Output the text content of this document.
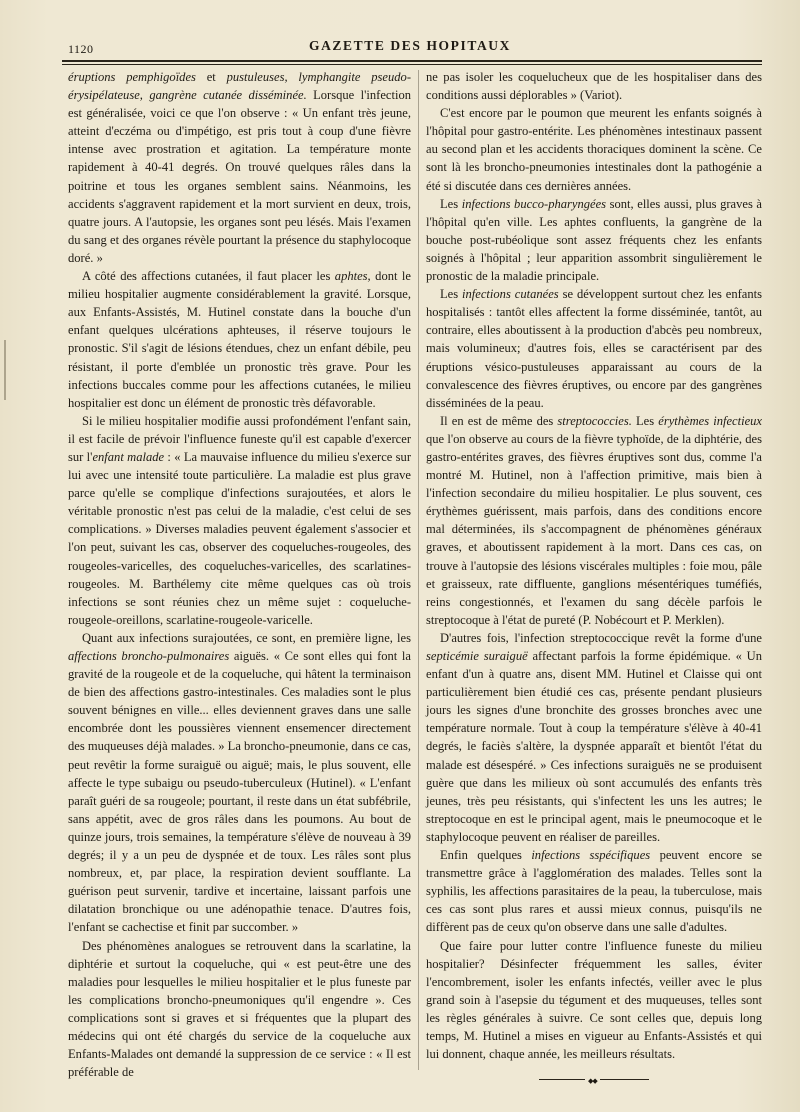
1120	GAZETTE DES HOPITAUX

éruptions pemphigoïdes et pustuleuses, lymphangite pseudo-érysipélateuse, gangrène cutanée disséminée. Lorsque l'infection est généralisée, voici ce que l'on observe : « Un enfant très jeune, atteint d'eczéma ou d'impétigo, est pris tout à coup d'une fièvre intense avec prostration et agitation. La température monte rapidement à 40-41 degrés. On trouvé quelques râles dans la poitrine et tous les organes semblent sains. Néanmoins, les accidents s'aggravent rapidement et la mort survient en deux, trois, quatre jours. A l'autopsie, les organes sont peu lésés. Mais l'examen du sang et des organes révèle pourtant la présence du staphylocoque doré. »

A côté des affections cutanées, il faut placer les aphtes, dont le milieu hospitalier augmente considérablement la gravité. Lorsque, aux Enfants-Assistés, M. Hutinel constate dans la bouche d'un enfant quelques ulcérations aphteuses, il réserve toujours le pronostic. S'il s'agit de lésions étendues, chez un enfant débile, peu résistant, il porte d'emblée un pronostic très grave. Pour les infections buccales comme pour les affections cutanées, le milieu hospitalier est donc un élément de pronostic très défavorable.

Si le milieu hospitalier modifie aussi profondément l'enfant sain, il est facile de prévoir l'influence funeste qu'il est capable d'exercer sur l'enfant malade : « La mauvaise influence du milieu s'exerce sur lui avec une intensité toute particulière. La maladie est plus grave parce qu'elle se complique d'infections surajoutées, et alors le véritable pronostic n'est pas celui de la maladie, c'est celui de ses complications. » Diverses maladies peuvent également s'associer et l'on peut, suivant les cas, observer des coqueluches-rougeoles, des rougeoles-varicelles, des coqueluches-varicelles, des scarlatines-rougeoles. M. Barthélemy cite même quelques cas où trois infections se sont réunies chez un même sujet : coqueluche-rougeole-oreillons, scarlatine-rougeole-varicelle.

Quant aux infections surajoutées, ce sont, en première ligne, les affections broncho-pulmonaires aiguës. « Ce sont elles qui font la gravité de la rougeole et de la coqueluche, qui hâtent la terminaison de bien des affections gastro-intestinales. Ces maladies sont le plus souvent bénignes en ville... elles deviennent graves dans une salle encombrée dont les poussières viennent ensemencer directement des muqueuses déjà malades. » La broncho-pneumonie, dans ce cas, peut revêtir la forme suraiguë ou aiguë; mais, le plus souvent, elle affecte le type subaigu ou pseudo-tuberculeux (Hutinel). « L'enfant paraît guéri de sa rougeole; pourtant, il reste dans un état subfébrile, sans appétit, avec de gros râles dans les poumons. Au bout de quinze jours, trois semaines, la température s'élève de nouveau à 39 degrés; il y a un peu de dyspnée et de toux. Les râles sont plus nombreux, et, par place, la respiration devient soufflante. La guérison peut survenir, tardive et incertaine, laissant parfois une dilatation bronchique ou une adénopathie tenace. D'autres fois, l'enfant se cachectise et finit par succomber. »

Des phénomènes analogues se retrouvent dans la scarlatine, la diphtérie et surtout la coqueluche, qui « est peut-être une des maladies pour lesquelles le milieu hospitalier et le plus funeste par les complications broncho-pneumoniques qu'il engendre ». Ces complications sont si graves et si fréquentes que la plupart des médecins qui ont été chargés du service de la coqueluche aux Enfants-Malades ont demandé la suppression de ce service : « Il est préférable de

ne pas isoler les coquelucheux que de les hospitaliser dans des conditions aussi déplorables » (Variot).

C'est encore par le poumon que meurent les enfants soignés à l'hôpital pour gastro-entérite. Les phénomènes intestinaux passent au second plan et les accidents thoraciques dominent la scène. Ce sont là les broncho-pneumonies intestinales dont la pathogénie a été si discutée dans ces dernières années.

Les infections bucco-pharyngées sont, elles aussi, plus graves à l'hôpital qu'en ville. Les aphtes confluents, la gangrène de la bouche post-rubéolique sont assez fréquents chez les enfants soignés à l'hôpital ; leur apparition assombrit singulièrement le pronostic de la maladie principale.

Les infections cutanées se développent surtout chez les enfants hospitalisés : tantôt elles affectent la forme disséminée, tantôt, au contraire, elles aboutissent à la production d'abcès peu nombreux, mais volumineux; d'autres fois, elles se caractérisent par des éruptions vésico-pustuleuses apparaissant au cours de la convalescence des fièvres éruptives, ou encore par des gangrènes disséminées de la peau.

Il en est de même des streptococcies. Les érythèmes infectieux que l'on observe au cours de la fièvre typhoïde, de la diphtérie, des gastro-entérites graves, des fièvres éruptives sont dus, comme l'a montré M. Hutinel, non à l'affection primitive, mais bien à l'infection secondaire du milieu hospitalier. Le plus souvent, ces érythèmes guérissent, mais parfois, dans des conditions encore mal déterminées, ils s'accompagnent de phénomènes généraux graves, et aboutissent rapidement à la mort. Dans ces cas, on trouve à l'autopsie des lésions viscérales multiples : foie mou, pâle et graisseux, rate diffluente, ganglions mésentériques tuméfiés, reins congestionnés, et l'examen du sang décèle parfois le streptocoque à l'état de pureté (P. Nobécourt et P. Merklen).

D'autres fois, l'infection streptococcique revêt la forme d'une septicémie suraiguë affectant parfois la forme épidémique. « Un enfant d'un à quatre ans, disent MM. Hutinel et Claisse qui ont particulièrement bien étudié ces cas, présente pendant plusieurs jours les signes d'une bronchite des grosses bronches avec une température normale. Tout à coup la température s'élève à 40-41 degrés, le faciès s'altère, la dyspnée apparaît et bientôt l'état du malade est désespéré. » Ces infections suraiguës ne se produisent guère que dans les milieux où sont accumulés des enfants très jeunes, très peu résistants, qui s'infectent les uns les autres; le streptocoque en est le principal agent, mais le pneumocoque et le staphylocoque peuvent en réaliser de pareilles.

Enfin quelques infections sspécifiques peuvent encore se transmettre grâce à l'agglomération des malades. Telles sont la syphilis, les affections parasitaires de la peau, la tuberculose, mais ces cas sont plus rares et aussi mieux connus, puisqu'ils ne diffèrent pas de ceux qu'on observe dans une salle d'adultes.

Que faire pour lutter contre l'influence funeste du milieu hospitalier? Désinfecter fréquemment les salles, éviter l'encombrement, isoler les enfants infectés, veiller avec le plus grand soin à l'asepsie du tégument et des muqueuses, telles sont les règles générales à suivre. Ce sont celles que, depuis long temps, M. Hutinel a mises en vigueur au Enfants-Assistés et qui lui donnent, chaque année, les meilleurs résultats.

◆◆
